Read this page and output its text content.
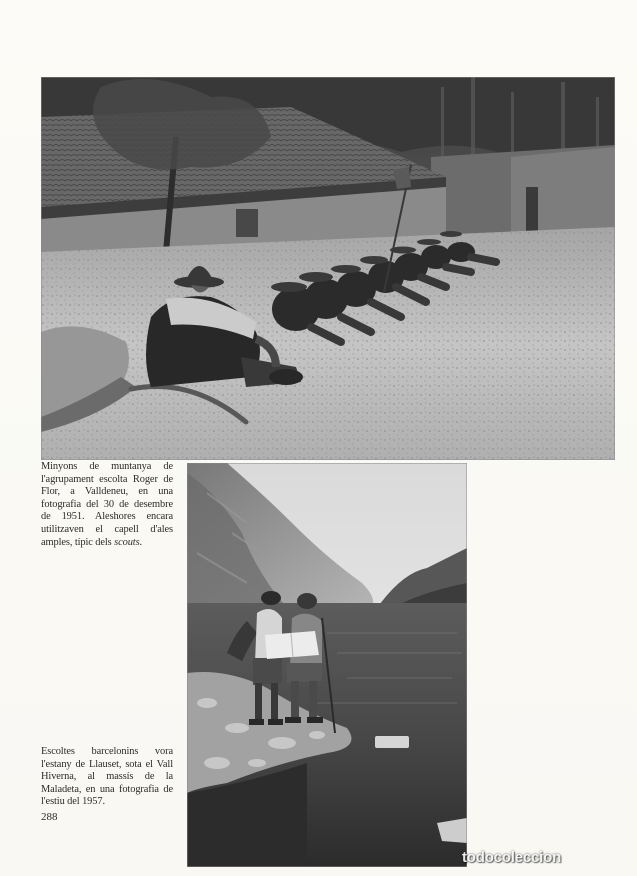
Minyons de muntanya de l'agrupament escolta Roger de Flor, a Valldeneu, en una fotografia del 30 de desembre de 1951. Aleshores encara utilitzaven el capell d'ales amples, típic dels scouts.
Escoltes barcelonins vora l'estany de Llauset, sota el Vall Hiverna, al massís de la Maladeta, en una fotografia de l'estiu del 1957.
288
todocoleccion
